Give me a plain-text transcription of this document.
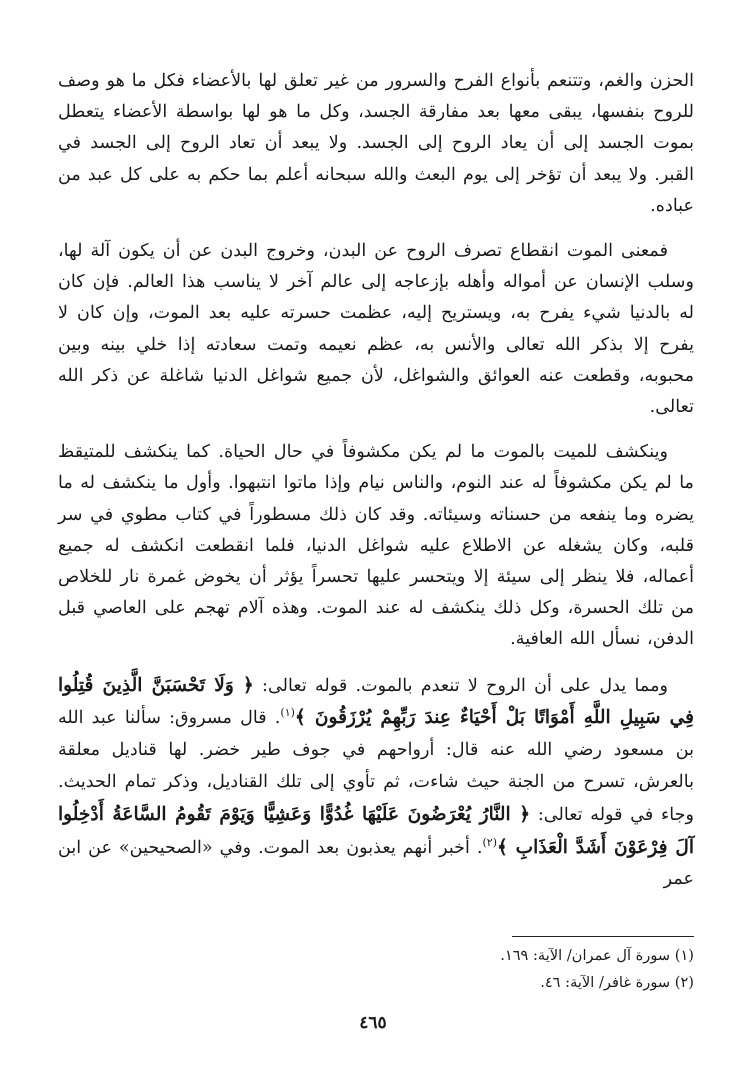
الحزن والغم، وتتنعم بأنواع الفرح والسرور من غير تعلق لها بالأعضاء فكل ما هو وصف للروح بنفسها، يبقى معها بعد مفارقة الجسد، وكل ما هو لها بواسطة الأعضاء يتعطل بموت الجسد إلى أن يعاد الروح إلى الجسد. ولا يبعد أن تعاد الروح إلى الجسد في القبر. ولا يبعد أن تؤخر إلى يوم البعث والله سبحانه أعلم بما حكم به على كل عبد من عباده.

فمعنى الموت انقطاع تصرف الروح عن البدن، وخروج البدن عن أن يكون آلة لها، وسلب الإنسان عن أمواله وأهله بإزعاجه إلى عالم آخر لا يناسب هذا العالم. فإن كان له بالدنيا شيء يفرح به، ويستريح إليه، عظمت حسرته عليه بعد الموت، وإن كان لا يفرح إلا بذكر الله تعالى والأنس به، عظم نعيمه وتمت سعادته إذا خلي بينه وبين محبوبه، وقطعت عنه العوائق والشواغل، لأن جميع شواغل الدنيا شاغلة عن ذكر الله تعالى.

وينكشف للميت بالموت ما لم يكن مكشوفاً في حال الحياة. كما ينكشف للمتيقظ ما لم يكن مكشوفاً له عند النوم، والناس نيام وإذا ماتوا انتبهوا. وأول ما ينكشف له ما يضره وما ينفعه من حسناته وسيئاته. وقد كان ذلك مسطوراً في كتاب مطوي في سر قلبه، وكان يشغله عن الاطلاع عليه شواغل الدنيا، فلما انقطعت انكشف له جميع أعماله، فلا ينظر إلى سيئة إلا ويتحسر عليها تحسراً يؤثر أن يخوض غمرة نار للخلاص من تلك الحسرة، وكل ذلك ينكشف له عند الموت. وهذه آلام تهجم على العاصي قبل الدفن، نسأل الله العافية.

ومما يدل على أن الروح لا تنعدم بالموت. قوله تعالى: ﴿ وَلَا تَحْسَبَنَّ الَّذِينَ قُتِلُوا فِي سَبِيلِ اللَّهِ أَمْوَاتًا بَلْ أَحْيَاءٌ عِندَ رَبِّهِمْ يُرْزَقُونَ ﴾$^{(١)}$. قال مسروق: سألنا عبد الله بن مسعود رضي الله عنه قال: أرواحهم في جوف طير خضر. لها قناديل معلقة بالعرش، تسرح من الجنة حيث شاءت، ثم تأوي إلى تلك القناديل، وذكر تمام الحديث. وجاء في قوله تعالى: ﴿ النَّارُ يُعْرَضُونَ عَلَيْهَا غُدُوًّا وَعَشِيًّا وَيَوْمَ تَقُومُ السَّاعَةُ أَدْخِلُوا آلَ فِرْعَوْنَ أَشَدَّ الْعَذَابِ ﴾$^{(٢)}$. أخبر أنهم يعذبون بعد الموت. وفي «الصحيحين» عن ابن عمر

(١) سورة آل عمران/ الآية: ١٦٩.

(٢) سورة غافر/ الآية: ٤٦.

٤٦٥
